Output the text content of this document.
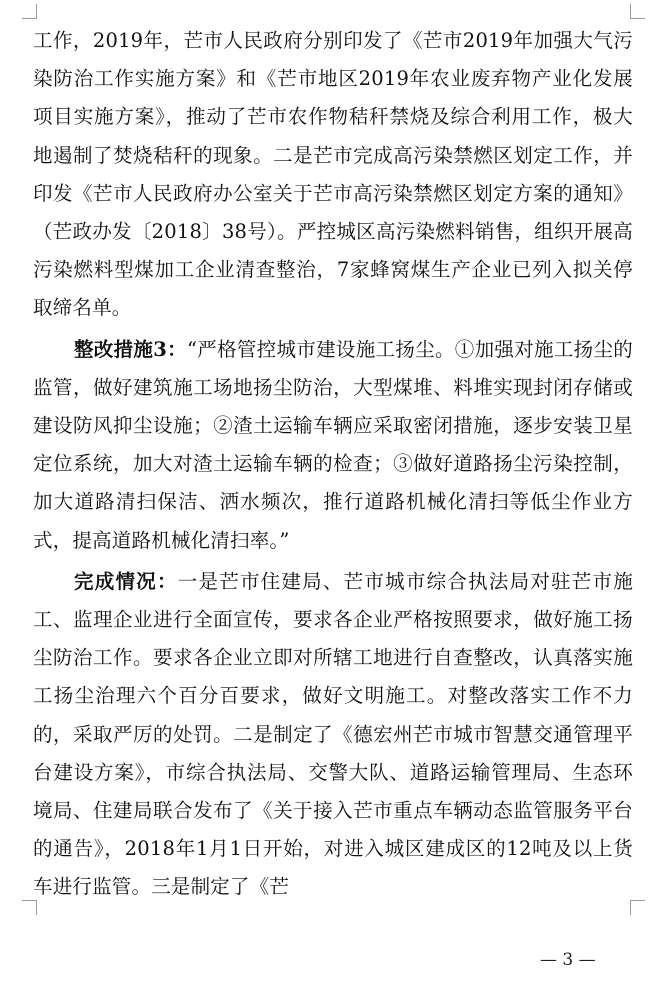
工作，2019年，芒市人民政府分别印发了《芒市2019年加强大气污染防治工作实施方案》和《芒市地区2019年农业废弃物产业化发展项目实施方案》，推动了芒市农作物秸秆禁烧及综合利用工作，极大地遏制了焚烧秸秆的现象。二是芒市完成高污染禁燃区划定工作，并印发《芒市人民政府办公室关于芒市高污染禁燃区划定方案的通知》（芒政办发〔2018〕38号）。严控城区高污染燃料销售，组织开展高污染燃料型煤加工企业清查整治，7家蜂窝煤生产企业已列入拟关停取缔名单。

整改措施3：“严格管控城市建设施工扬尘。①加强对施工扬尘的监管，做好建筑施工场地扬尘防治，大型煤堆、料堆实现封闭存储或建设防风抑尘设施；②渣土运输车辆应采取密闭措施，逐步安装卫星定位系统，加大对渣土运输车辆的检查；③做好道路扬尘污染控制，加大道路清扫保洁、洒水频次，推行道路机械化清扫等低尘作业方式，提高道路机械化清扫率。”

完成情况：一是芒市住建局、芒市城市综合执法局对驻芒市施工、监理企业进行全面宣传，要求各企业严格按照要求，做好施工扬尘防治工作。要求各企业立即对所辖工地进行自查整改，认真落实施工扬尘治理六个百分百要求，做好文明施工。对整改落实工作不力的，采取严厉的处罚。二是制定了《德宏州芒市城市智慧交通管理平台建设方案》，市综合执法局、交警大队、道路运输管理局、生态环境局、住建局联合发布了《关于接入芒市重点车辆动态监管服务平台的通告》，2018年1月1日开始，对进入城区建成区的12吨及以上货车进行监管。三是制定了《芒

— 3 —
